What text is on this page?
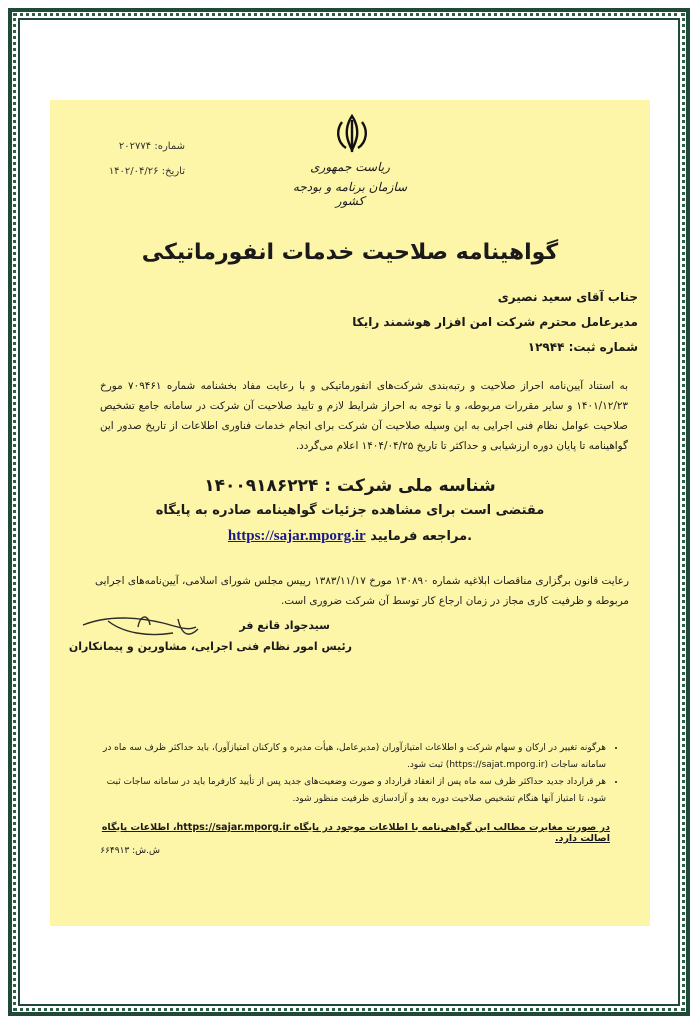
ریاست جمهوری
سازمان برنامه و بودجه کشور
شماره: ۲۰۲۷۷۴
تاریخ: ۱۴۰۲/۰۴/۲۶
گواهینامه صلاحیت خدمات انفورماتیکی
جناب آقای سعید نصیری
مدیرعامل محترم شرکت امن افزار هوشمند رایکا
شماره ثبت: ۱۲۹۴۴
به استناد آیین‌نامه احراز صلاحیت و رتبه‌بندی شرکت‌های انفورماتیکی و با رعایت مفاد بخشنامه شماره ۷۰۹۴۶۱ مورخ ۱۴۰۱/۱۲/۲۳ و سایر مقررات مربوطه، و با توجه به احراز شرایط لازم و تایید صلاحیت آن شرکت در سامانه جامع تشخیص صلاحیت عوامل نظام فنی اجرایی به این وسیله صلاحیت آن شرکت برای انجام خدمات فناوری اطلاعات از تاریخ صدور این گواهینامه تا پایان دوره ارزشیابی و حداکثر تا تاریخ ۱۴۰۴/۰۴/۲۵ اعلام می‌گردد.
شناسه ملی شرکت : ۱۴۰۰۹۱۸۶۲۲۴
مقتضی است برای مشاهده جزئیات گواهینامه صادره به پایگاه
https://sajar.mporg.ir مراجعه فرمایید.
رعایت قانون برگزاری مناقصات ابلاغیه شماره ۱۳۰۸۹۰ مورخ ۱۳۸۳/۱۱/۱۷ رییس مجلس شورای اسلامی، آیین‌نامه‌های اجرایی مربوطه و ظرفیت کاری مجاز در زمان ارجاع کار توسط آن شرکت ضروری است.
سیدجواد قانع فر
رئیس امور نظام فنی اجرایی، مشاورین و پیمانکاران
• هرگونه تغییر در ارکان و سهام شرکت و اطلاعات امتیازآوران (مدیرعامل، هیأت مدیره و کارکنان امتیازآور)، باید حداکثر ظرف سه ماه در سامانه ساجات (https://sajat.mporg.ir) ثبت شود.
• هر قرارداد جدید حداکثر ظرف سه ماه پس از انعقاد قرارداد و صورت وضعیت‌های جدید پس از تأیید کارفرما باید در سامانه ساجات ثبت شود، تا امتیاز آنها هنگام تشخیص صلاحیت دوره بعد و آزادسازی ظرفیت منظور شود.
در صورت مغایرت مطالب این گواهی‌نامه با اطلاعات موجود در پایگاه https://sajar.mporg.ir، اطلاعات پایگاه اصالت دارد.
ش.ش: ۶۶۴۹۱۳
